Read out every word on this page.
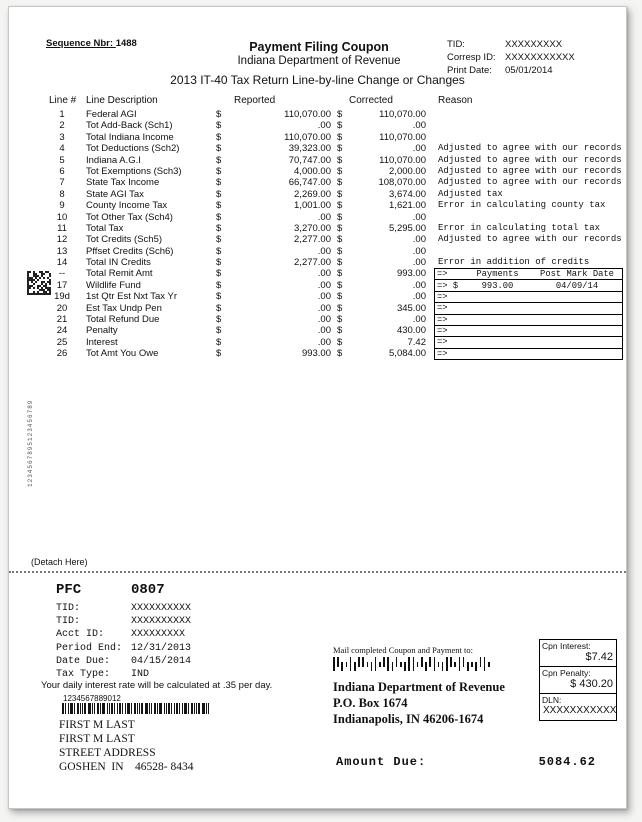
Sequence Nbr: 1488	Payment Filing Coupon
Indiana Department of Revenue
TID:	XXXXXXXXX
Corresp ID: XXXXXXXXXXX
Print Date:	05/01/2014
2013 IT-40 Tax Return Line-by-line Change or Changes
Line # Line Description	Reported	Corrected	Reason
1	Federal AGI	$	110,070.00 $	110,070.00
2	Tot Add-Back (Sch1)	$	.00 $	.00
3	Total Indiana Income	$	110,070.00 $	110,070.00
4	Tot Deductions (Sch2)	$	39,323.00 $	.00 Adjusted to agree with our records
5	Indiana A.G.I	$	70,747.00 $	110,070.00 Adjusted to agree with our records
6	Tot Exemptions (Sch3)	$	4,000.00 $	2,000.00 Adjusted to agree with our records
7	State Tax Income	$	66,747.00 $	108,070.00 Adjusted to agree with our records
8	State AGI Tax	$	2,269.00 $	3,674.00 Adjusted tax
9	County Income Tax	$	1,001.00 $	1,621.00 Error in calculating county tax
10	Tot Other Tax (Sch4)	$	.00 $	.00
11	Total Tax	$	3,270.00 $	5,295.00 Error in calculating total tax
12	Tot Credits (Sch5)	$	2,277.00 $	.00 Adjusted to agree with our records
13	Pffset Credits (Sch6)	$	.00 $	.00
14	Total IN Credits	$	2,277.00 $	.00 Error in addition of credits
--	Total Remit Amt	$	.00 $	993.00
17	Wildlife Fund	$	.00 $	.00
19d	1st Qtr Est Nxt Tax Yr	$	.00 $	.00
20	Est Tax Undp Pen	$	.00 $	345.00
21	Total Refund Due	$	.00 $	.00
24	Penalty	$	.00 $	430.00
25	Interest	$	.00 $	7.42
26	Tot Amt You Owe	$	993.00 $	5,084.00
=>	Payments	Post Mark Date
=> $	993.00	04/09/14
=>
=>
=>
=>
=>
=>
1234567895123456789
(Detach Here)
PFC	0807
TID:	XXXXXXXXXX
TID:	XXXXXXXXXX
Acct ID:	XXXXXXXXX
Period End: 12/31/2013
Date Due:	04/15/2014
Tax Type:	IND
Your daily interest rate will be calculated at .35 per day.
1234567889012
FIRST M LAST
FIRST M LAST
STREET ADDRESS
GOSHEN  IN    46528- 8434
Mail completed Coupon and Payment to:
Indiana Department of Revenue
P.O. Box 1674
Indianapolis, IN 46206-1674
Cpn Interest:
$7.42
Cpn Penalty:
$ 430.20
DLN:
XXXXXXXXXXX
Amount Due:	5084.62
